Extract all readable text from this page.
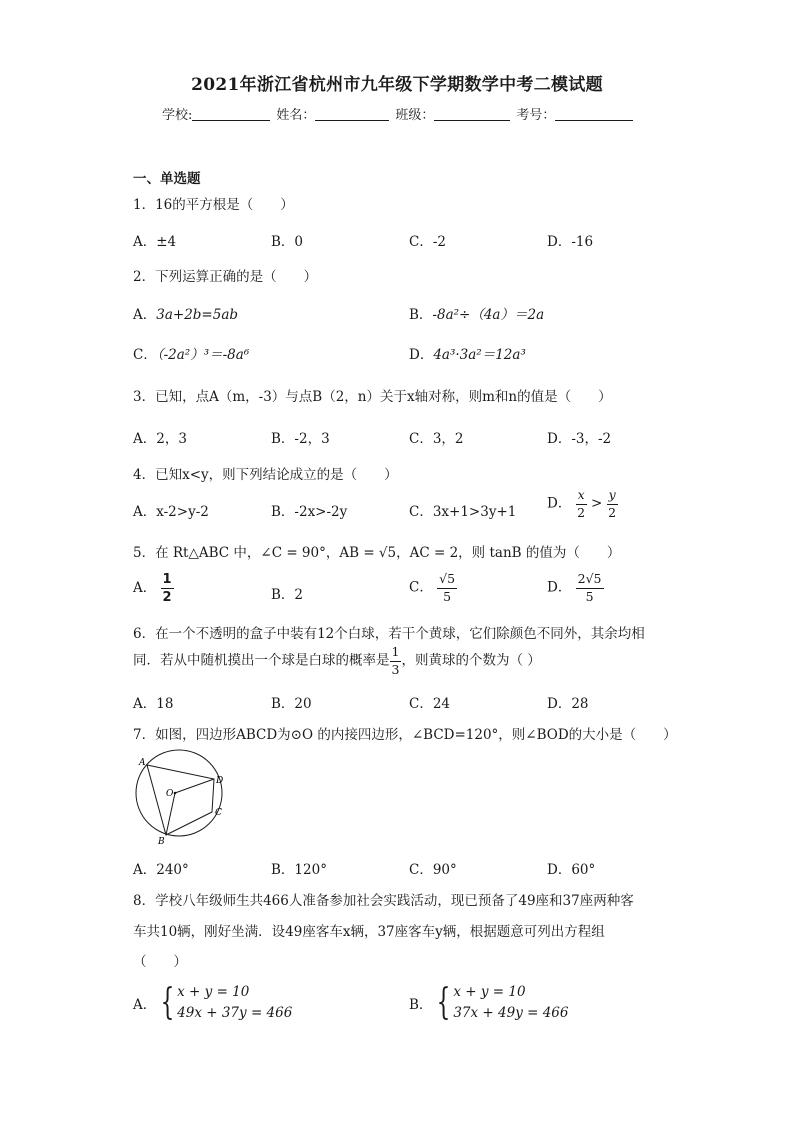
2021年浙江省杭州市九年级下学期数学中考二模试题
学校:	姓名：	班级：	考号：
一、单选题
1．16的平方根是（　　）
A．±4	B．0	C．-2	D．-16
2．下列运算正确的是（　　）
A．3a+2b=5ab	B．-8a²÷（4a）＝2a
C．（-2a²）³＝-8a⁶	D．4a³·3a²＝12a³
3．已知，点A（m，-3）与点B（2，n）关于x轴对称，则m和n的值是（　　）
A．2，3	B．-2，3	C．3，2	D．-3，-2
4．已知x<y，则下列结论成立的是（　　）
A．x-2>y-2	B．-2x>-2y	C．3x+1>3y+1
D． $\frac{x}{2} > \frac{y}{2}$
5．在 Rt△ABC 中，∠C = 90°，AB = √5，AC = 2，则 tanB 的值为（　　）
A． $\frac{1}{2}$	B．2	C． $\frac{√5}{5}$	D． $\frac{2√5}{5}$
6．在一个不透明的盒子中装有12个白球，若干个黄球，它们除颜色不同外，其余均相
同．若从中随机摸出一个球是白球的概率是 $\frac{1}{3}$ ，则黄球的个数为（ ）
A．18	B．20	C．24	D．28
7．如图，四边形ABCD为⊙O 的内接四边形，∠BCD=120°，则∠BOD的大小是（　　）
A
D
C
B
O
A．240°	B．120°	C．90°	D．60°
8．学校八年级师生共466人准备参加社会实践活动，现已预备了49座和37座两种客
车共10辆，刚好坐满．设49座客车x辆，37座客车y辆，根据题意可列出方程组
（　　）
A． { x + y = 10
49x + 37y = 466	B． { x + y = 10
37x + 49y = 466
